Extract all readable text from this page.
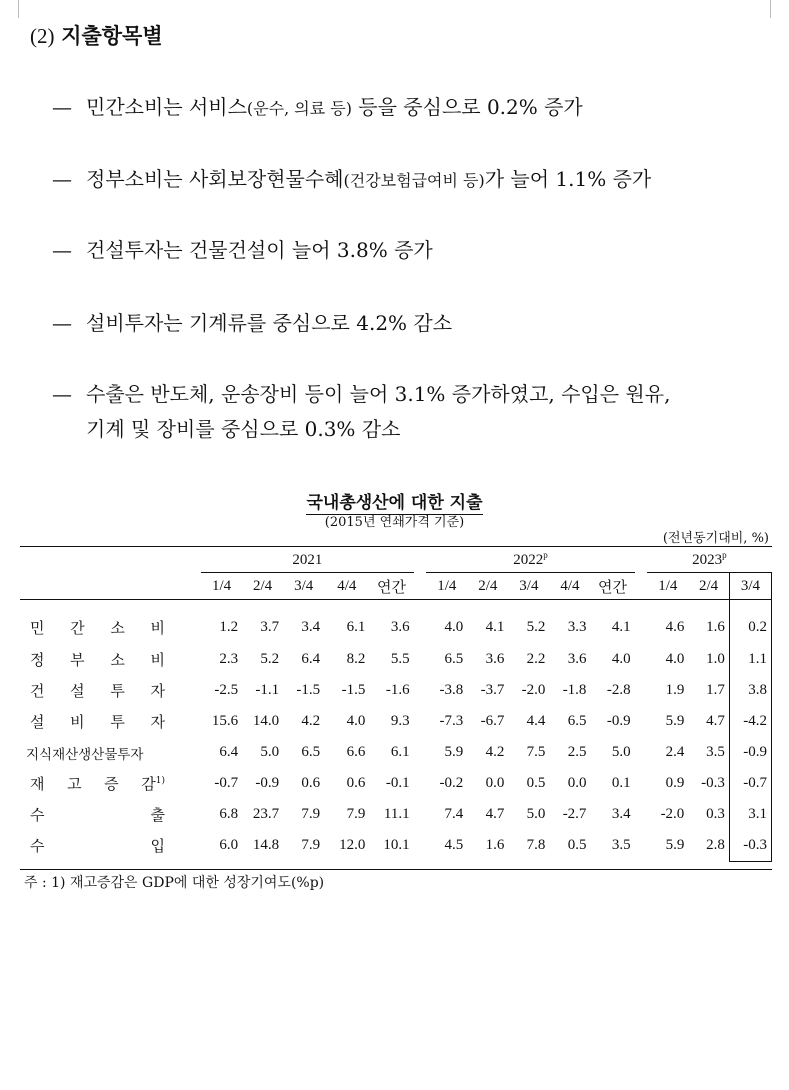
(2) 지출항목별
— 민간소비는 서비스(운수, 의료 등) 등을 중심으로 0.2% 증가
— 정부소비는 사회보장현물수혜(건강보험급여비 등)가 늘어 1.1% 증가
— 건설투자는 건물건설이 늘어 3.8% 증가
— 설비투자는 기계류를 중심으로 4.2% 감소
— 수출은 반도체, 운송장비 등이 늘어 3.1% 증가하였고, 수입은 원유,
기계 및 장비를 중심으로 0.3% 감소
국내총생산에 대한 지출
(2015년 연쇄가격 기준)
(전년동기대비, %)
	2021						2022$^p$						2023$^p$
	1/4	2/4	3/4	4/4	연간		1/4	2/4	3/4	4/4	연간		1/4	2/4	3/4

민 간 소 비	1.2	3.7	3.4	6.1	3.6		4.0	4.1	5.2	3.3	4.1		4.6	1.6	0.2

정 부 소 비	2.3	5.2	6.4	8.2	5.5		6.5	3.6	2.2	3.6	4.0		4.0	1.0	1.1

건 설 투 자	-2.5	-1.1	-1.5	-1.5	-1.6		-3.8	-3.7	-2.0	-1.8	-2.8		1.9	1.7	3.8

설 비 투 자	15.6	14.0	4.2	4.0	9.3		-7.3	-6.7	4.4	6.5	-0.9		5.9	4.7	-4.2
지식재산생산물투자	6.4	5.0	6.5	6.6	6.1		5.9	4.2	7.5	2.5	5.0		2.4	3.5	-0.9

재 고 증 감$^{1)}$	-0.7	-0.9	0.6	0.6	-0.1		-0.2	0.0	0.5	0.0	0.1		0.9	-0.3	-0.7

수 출	6.8	23.7	7.9	7.9	11.1		7.4	4.7	5.0	-2.7	3.4		-2.0	0.3	3.1

수 입	6.0	14.8	7.9	12.0	10.1		4.5	1.6	7.8	0.5	3.5		5.9	2.8	-0.3
주 : 1) 재고증감은 GDP에 대한 성장기여도(%p)
